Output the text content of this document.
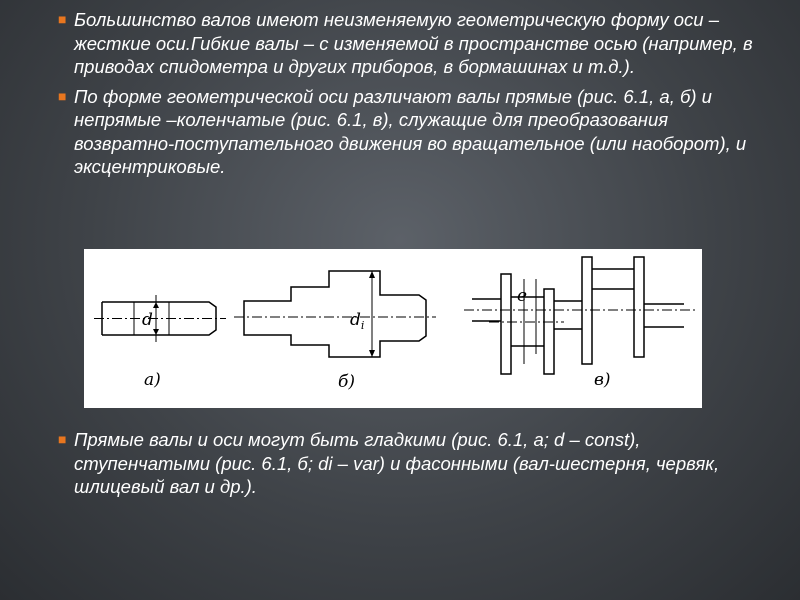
■ Большинство валов имеют неизменяемую геометрическую форму оси – жесткие оси.Гибкие валы – с изменяемой в пространстве осью (например, в приводах спидометра и других приборов, в бормашинах и т.д.).
■ По форме геометрической оси различают валы прямые (рис. 6.1, а, б) и непрямые –коленчатые (рис. 6.1, в), служащие для преобразования возвратно-поступательного движения во вращательное (или наоборот), и эксцентриковые.
d
а)
$d_i$
б)
e
в)
■ Прямые валы и оси могут быть гладкими (рис. 6.1, а; d – const), ступенчатыми (рис. 6.1, б; di – var) и фасонными (вал-шестерня, червяк, шлицевый вал и др.).
